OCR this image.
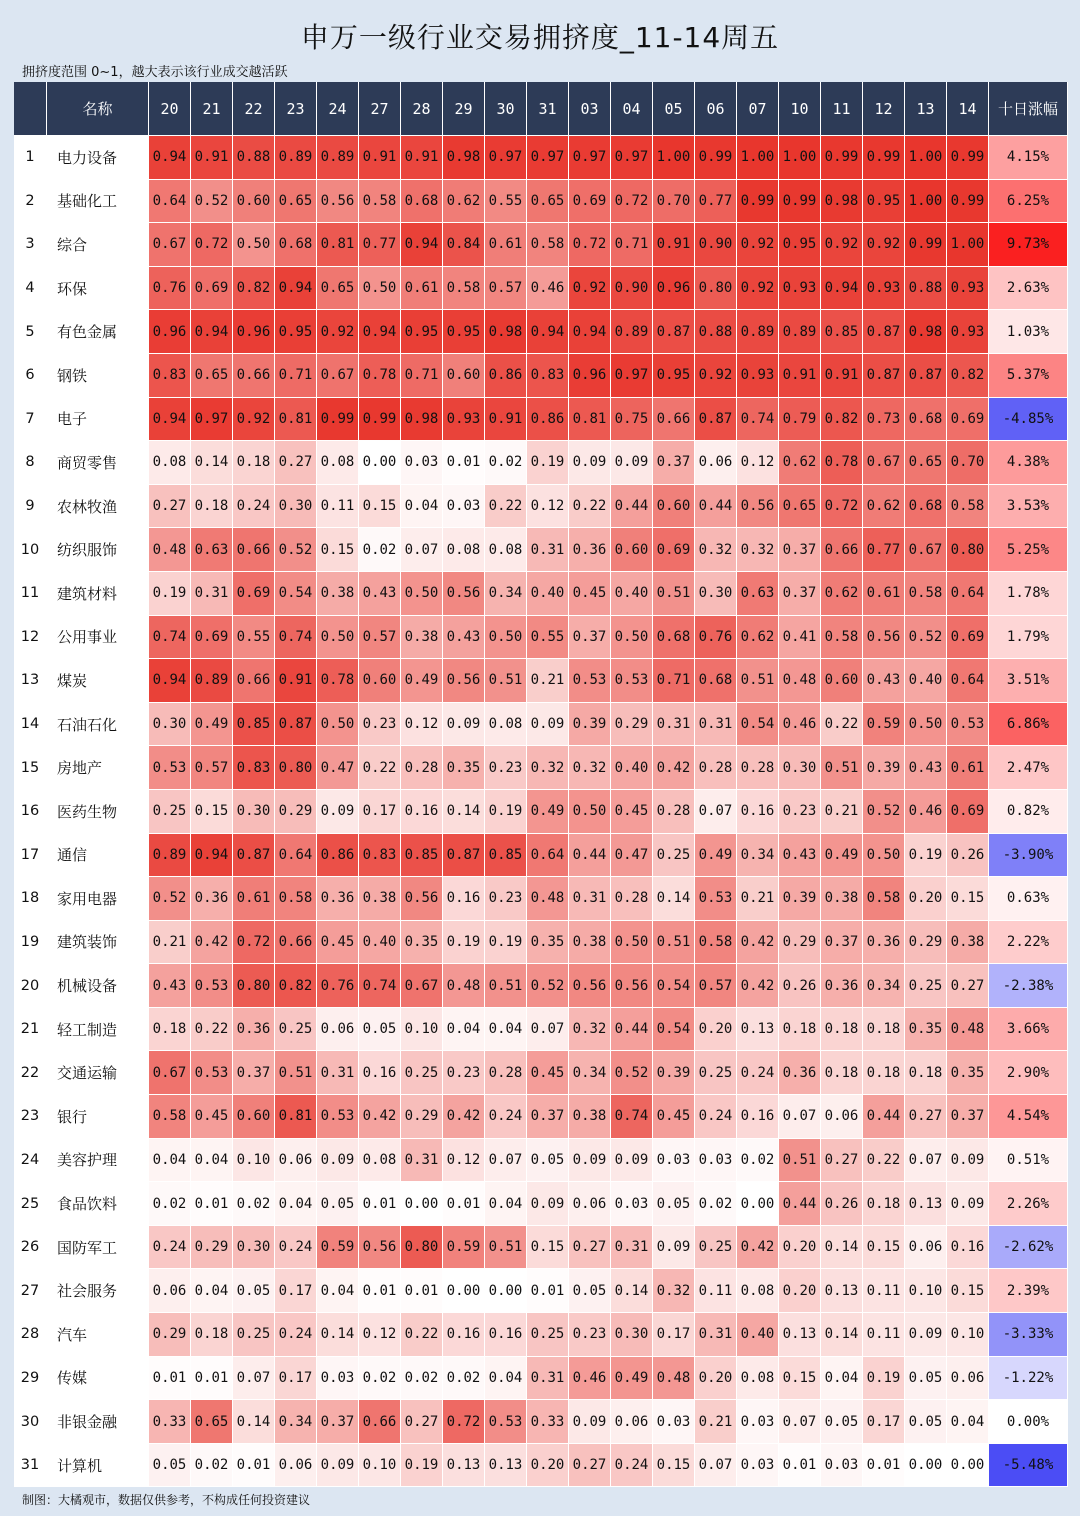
申万一级行业交易拥挤度_11-14周五
拥挤度范围 0~1，越大表示该行业成交越活跃
名称	20	21	22	23	24	27	28	29	30	31	03	04	05	06	07	10	11	12	13	14	十日涨幅
1	电力设备	0.94 0.91 0.88 0.89 0.89 0.91 0.91 0.98 0.97 0.97 0.97 0.97 1.00 0.99 1.00 1.00 0.99 0.99 1.00 0.99	4.15%
2	基础化工	0.64 0.52 0.60 0.65 0.56 0.58 0.68 0.62 0.55 0.65 0.69 0.72 0.70 0.77 0.99 0.99 0.98 0.95 1.00 0.99	6.25%
3	综合	0.67 0.72 0.50 0.68 0.81 0.77 0.94 0.84 0.61 0.58 0.72 0.71 0.91 0.90 0.92 0.95 0.92 0.92 0.99 1.00	9.73%
4	环保	0.76 0.69 0.82 0.94 0.65 0.50 0.61 0.58 0.57 0.46 0.92 0.90 0.96 0.80 0.92 0.93 0.94 0.93 0.88 0.93	2.63%
5	有色金属	0.96 0.94 0.96 0.95 0.92 0.94 0.95 0.95 0.98 0.94 0.94 0.89 0.87 0.88 0.89 0.89 0.85 0.87 0.98 0.93	1.03%
6	钢铁	0.83 0.65 0.66 0.71 0.67 0.78 0.71 0.60 0.86 0.83 0.96 0.97 0.95 0.92 0.93 0.91 0.91 0.87 0.87 0.82	5.37%
7	电子	0.94 0.97 0.92 0.81 0.99 0.99 0.98 0.93 0.91 0.86 0.81 0.75 0.66 0.87 0.74 0.79 0.82 0.73 0.68 0.69	-4.85%
8	商贸零售	0.08 0.14 0.18 0.27 0.08 0.00 0.03 0.01 0.02 0.19 0.09 0.09 0.37 0.06 0.12 0.62 0.78 0.67 0.65 0.70	4.38%
9	农林牧渔	0.27 0.18 0.24 0.30 0.11 0.15 0.04 0.03 0.22 0.12 0.22 0.44 0.60 0.44 0.56 0.65 0.72 0.62 0.68 0.58	3.53%
10	纺织服饰	0.48 0.63 0.66 0.52 0.15 0.02 0.07 0.08 0.08 0.31 0.36 0.60 0.69 0.32 0.32 0.37 0.66 0.77 0.67 0.80	5.25%
11	建筑材料	0.19 0.31 0.69 0.54 0.38 0.43 0.50 0.56 0.34 0.40 0.45 0.40 0.51 0.30 0.63 0.37 0.62 0.61 0.58 0.64	1.78%
12	公用事业	0.74 0.69 0.55 0.74 0.50 0.57 0.38 0.43 0.50 0.55 0.37 0.50 0.68 0.76 0.62 0.41 0.58 0.56 0.52 0.69	1.79%
13	煤炭	0.94 0.89 0.66 0.91 0.78 0.60 0.49 0.56 0.51 0.21 0.53 0.53 0.71 0.68 0.51 0.48 0.60 0.43 0.40 0.64	3.51%
14	石油石化	0.30 0.49 0.85 0.87 0.50 0.23 0.12 0.09 0.08 0.09 0.39 0.29 0.31 0.31 0.54 0.46 0.22 0.59 0.50 0.53	6.86%
15	房地产	0.53 0.57 0.83 0.80 0.47 0.22 0.28 0.35 0.23 0.32 0.32 0.40 0.42 0.28 0.28 0.30 0.51 0.39 0.43 0.61	2.47%
16	医药生物	0.25 0.15 0.30 0.29 0.09 0.17 0.16 0.14 0.19 0.49 0.50 0.45 0.28 0.07 0.16 0.23 0.21 0.52 0.46 0.69	0.82%
17	通信	0.89 0.94 0.87 0.64 0.86 0.83 0.85 0.87 0.85 0.64 0.44 0.47 0.25 0.49 0.34 0.43 0.49 0.50 0.19 0.26	-3.90%
18	家用电器	0.52 0.36 0.61 0.58 0.36 0.38 0.56 0.16 0.23 0.48 0.31 0.28 0.14 0.53 0.21 0.39 0.38 0.58 0.20 0.15	0.63%
19	建筑装饰	0.21 0.42 0.72 0.66 0.45 0.40 0.35 0.19 0.19 0.35 0.38 0.50 0.51 0.58 0.42 0.29 0.37 0.36 0.29 0.38	2.22%
20	机械设备	0.43 0.53 0.80 0.82 0.76 0.74 0.67 0.48 0.51 0.52 0.56 0.56 0.54 0.57 0.42 0.26 0.36 0.34 0.25 0.27	-2.38%
21	轻工制造	0.18 0.22 0.36 0.25 0.06 0.05 0.10 0.04 0.04 0.07 0.32 0.44 0.54 0.20 0.13 0.18 0.18 0.18 0.35 0.48	3.66%
22	交通运输	0.67 0.53 0.37 0.51 0.31 0.16 0.25 0.23 0.28 0.45 0.34 0.52 0.39 0.25 0.24 0.36 0.18 0.18 0.18 0.35	2.90%
23	银行	0.58 0.45 0.60 0.81 0.53 0.42 0.29 0.42 0.24 0.37 0.38 0.74 0.45 0.24 0.16 0.07 0.06 0.44 0.27 0.37	4.54%
24	美容护理	0.04 0.04 0.10 0.06 0.09 0.08 0.31 0.12 0.07 0.05 0.09 0.09 0.03 0.03 0.02 0.51 0.27 0.22 0.07 0.09	0.51%
25	食品饮料	0.02 0.01 0.02 0.04 0.05 0.01 0.00 0.01 0.04 0.09 0.06 0.03 0.05 0.02 0.00 0.44 0.26 0.18 0.13 0.09	2.26%
26	国防军工	0.24 0.29 0.30 0.24 0.59 0.56 0.80 0.59 0.51 0.15 0.27 0.31 0.09 0.25 0.42 0.20 0.14 0.15 0.06 0.16	-2.62%
27	社会服务	0.06 0.04 0.05 0.17 0.04 0.01 0.01 0.00 0.00 0.01 0.05 0.14 0.32 0.11 0.08 0.20 0.13 0.11 0.10 0.15	2.39%
28	汽车	0.29 0.18 0.25 0.24 0.14 0.12 0.22 0.16 0.16 0.25 0.23 0.30 0.17 0.31 0.40 0.13 0.14 0.11 0.09 0.10	-3.33%
29	传媒	0.01 0.01 0.07 0.17 0.03 0.02 0.02 0.02 0.04 0.31 0.46 0.49 0.48 0.20 0.08 0.15 0.04 0.19 0.05 0.06	-1.22%
30	非银金融	0.33 0.65 0.14 0.34 0.37 0.66 0.27 0.72 0.53 0.33 0.09 0.06 0.03 0.21 0.03 0.07 0.05 0.17 0.05 0.04	0.00%
31	计算机	0.05 0.02 0.01 0.06 0.09 0.10 0.19 0.13 0.13 0.20 0.27 0.24 0.15 0.07 0.03 0.01 0.03 0.01 0.00 0.00	-5.48%
制图：大橘观市，数据仅供参考，不构成任何投资建议
